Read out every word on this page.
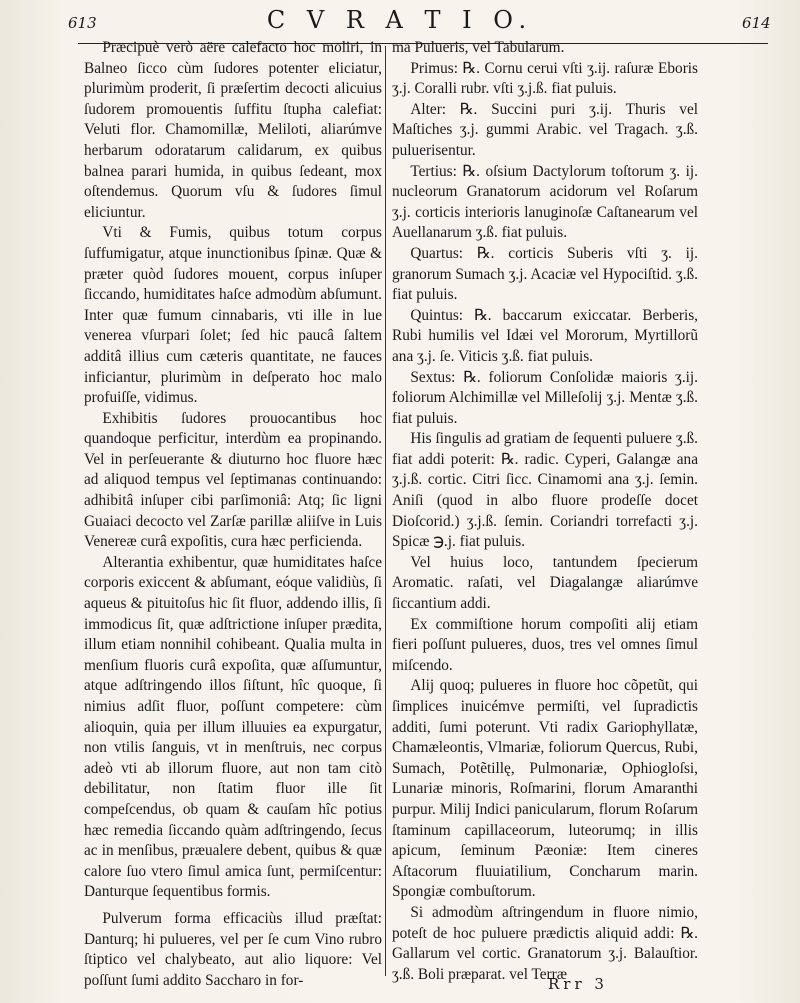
613	C V R A T I O.	614

Præcipuè verò aëre calefacto hoc moliri, in Balneo ſicco cùm ſudores potenter eliciatur, plurimùm proderit, ſi præſertim decocti alicuius ſudorem promouentis ſuffitu ſtupha calefiat: Veluti flor. Chamomillæ, Meliloti, aliarúmve herbarum odoratarum calidarum, ex quibus balnea parari humida, in quibus ſedeant, mox oſtendemus. Quorum vſu & ſudores ſimul eliciuntur.

Vti & Fumis, quibus totum corpus ſuffumigatur, atque inunctionibus ſpinæ. Quæ & præter quòd ſudores mouent, corpus inſuper ſiccando, humiditates haſce admodùm abſumunt. Inter quæ fumum cinnabaris, vti ille in lue venerea vſurpari ſolet; ſed hic paucâ ſaltem additâ illius cum cæteris quantitate, ne fauces inficiantur, plurimùm in deſperato hoc malo profuiſſe, vidimus.

Exhibitis ſudores prouocantibus hoc quandoque perficitur, interdùm ea propinando. Vel in perſeuerante & diuturno hoc fluore hæc ad aliquod tempus vel ſeptimanas continuando: adhibitâ inſuper cibi parſimoniâ: Atq; ſic ligni Guaiaci decocto vel Zarſæ parillæ aliiſve in Luis Venereæ curâ expoſitis, cura hæc perficienda.

Alterantia exhibentur, quæ humiditates haſce corporis exiccent & abſumant, eóque validiùs, ſi aqueus & pituitoſus hic ſit fluor, addendo illis, ſi immodicus ſit, quæ adſtrictione inſuper prædita, illum etiam nonnihil cohibeant. Qualia multa in menſium fluoris curâ expoſita, quæ aſſumuntur, atque adſtringendo illos ſiſtunt, hîc quoque, ſi nimius adſit fluor, poſſunt competere: cùm alioquin, quia per illum illuuies ea expurgatur, non vtilis ſanguis, vt in menſtruis, nec corpus adeò vti ab illorum fluore, aut non tam citò debilitatur, non ſtatim fluor ille ſit compeſcendus, ob quam & cauſam hîc potius hæc remedia ſiccando quàm adſtringendo, ſecus ac in menſibus, præualere debent, quibus & quæ calore ſuo vtero ſimul amica ſunt, permiſcentur: Danturque ſequentibus formis.

Pulverum forma efficaciùs illud præſtat: Danturq; hi pulueres, vel per ſe cum Vino rubro ſtiptico vel chalybeato, aut alio liquore: Vel poſſunt ſumi addito Saccharo in for-

ma Pulueris, vel Tabularum.

Primus: ℞. Cornu cerui vſti ʒ.ij. raſuræ Eboris ʒ.j. Coralli rubr. vſti ʒ.j.ß. fiat puluis.

Alter: ℞. Succini puri ʒ.ij. Thuris vel Maſtiches ʒ.j. gummi Arabic. vel Tragach. ʒ.ß. puluerisentur.

Tertius: ℞. oſsium Dactylorum toſtorum ʒ. ij. nucleorum Granatorum acidorum vel Roſarum ʒ.j. corticis interioris lanuginoſæ Caſtanearum vel Auellanarum ʒ.ß. fiat puluis.

Quartus: ℞. corticis Suberis vſti ʒ. ij. granorum Sumach ʒ.j. Acaciæ vel Hypociſtid. ʒ.ß. fiat puluis.

Quintus: ℞. baccarum exiccatar. Berberis, Rubi humilis vel Idæi vel Mororum, Myrtillorũ ana ʒ.j. ſe. Viticis ʒ.ß. fiat puluis.

Sextus: ℞. foliorum Conſolidæ maioris ʒ.ij. foliorum Alchimillæ vel Milleſolij ʒ.j. Mentæ ʒ.ß. fiat puluis.

His ſingulis ad gratiam de ſequenti puluere ʒ.ß. fiat addi poterit: ℞. radic. Cyperi, Galangæ ana ʒ.j.ß. cortic. Citri ſicc. Cinamomi ana ʒ.j. ſemin. Aniſi (quod in albo fluore prodeſſe docet Dioſcorid.) ʒ.j.ß. ſemin. Coriandri torrefacti ʒ.j. Spicæ ℈.j. fiat puluis.

Vel huius loco, tantundem ſpecierum Aromatic. raſati, vel Diagalangæ aliarúmve ſiccantium addi.

Ex commiſtione horum compoſiti alij etiam fieri poſſunt pulueres, duos, tres vel omnes ſimul miſcendo.

Alij quoq; pulueres in fluore hoc cõpetũt, qui ſimplices inuicémve permiſti, vel ſupradictis additi, ſumi poterunt. Vti radix Gariophyllatæ, Chamæleontis, Vlmariæ, foliorum Quercus, Rubi, Sumach, Potẽtillę, Pulmonariæ, Ophiogloſsi, Lunariæ minoris, Roſmarini, florum Amaranthi purpur. Milij Indici panicularum, florum Roſarum ſtaminum capillaceorum, luteorumq; in illis apicum, ſeminum Pæoniæ: Item cineres Aſtacorum fluuiatilium, Concharum marin. Spongiæ combuſtorum.

Si admodùm aſtringendum in fluore nimio, poteſt de hoc puluere prædictis aliquid addi: ℞. Gallarum vel cortic. Granatorum ʒ.j. Balauſtior. ʒ.ß. Boli præparat. vel Terræ

Rrr 3
